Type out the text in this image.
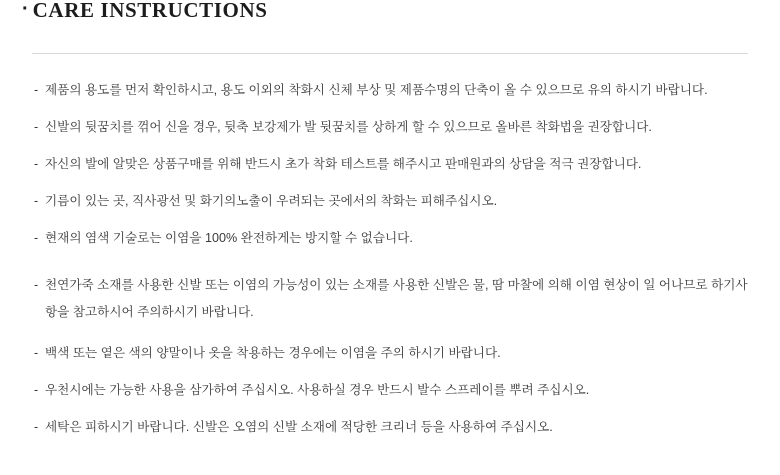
· CARE INSTRUCTIONS
- 제품의 용도를 먼저 확인하시고, 용도 이외의 착화시 신체 부상 및 제품수명의 단축이 올 수 있으므로 유의 하시기 바랍니다.
- 신발의 뒷꿈치를 꺾어 신을 경우, 뒷축 보강제가 발 뒷꿈치를 상하게 할 수 있으므로 올바른 착화법을 권장합니다.
- 자신의 발에 알맞은 상품구매를 위해 반드시 초가 착화 테스트를 해주시고 판매원과의 상담을 적극 권장합니다.
- 기름이 있는 곳, 직사광선 및 화기의노출이 우려되는 곳에서의 착화는 피해주십시오.
- 현재의 염색 기술로는 이염을 100% 완전하게는 방지할 수 없습니다.
- 천연가죽 소재를 사용한 신발 또는 이염의 가능성이 있는 소재를 사용한 신발은 물, 땀 마찰에 의해 이염 현상이 일 어나므로 하기사항을 참고하시어 주의하시기 바랍니다.
- 백색 또는 옅은 색의 양말이나 옷을 착용하는 경우에는 이염을 주의 하시기 바랍니다.
- 우천시에는 가능한 사용을 삼가하여 주십시오. 사용하실 경우 반드시 발수 스프레이를 뿌려 주십시오.
- 세탁은 피하시기 바랍니다. 신발은 오염의 신발 소재에 적당한 크리너 등을 사용하여 주십시오.
